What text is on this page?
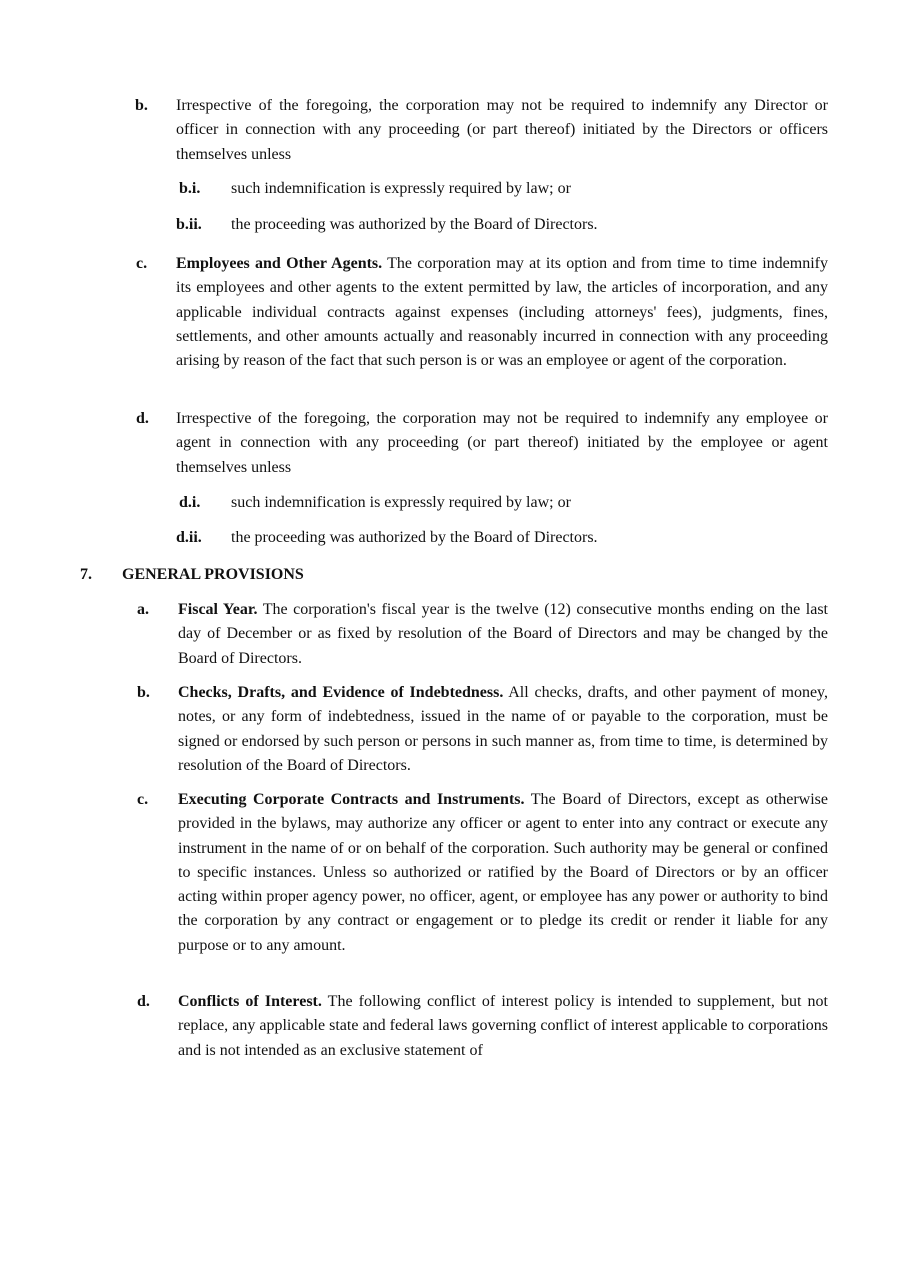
b. Irrespective of the foregoing, the corporation may not be required to indemnify any Director or officer in connection with any proceeding (or part thereof) initiated by the Directors or officers themselves unless
b.i. such indemnification is expressly required by law; or
b.ii. the proceeding was authorized by the Board of Directors.
c. Employees and Other Agents. The corporation may at its option and from time to time indemnify its employees and other agents to the extent permitted by law, the articles of incorporation, and any applicable individual contracts against expenses (including attorneys' fees), judgments, fines, settlements, and other amounts actually and reasonably incurred in connection with any proceeding arising by reason of the fact that such person is or was an employee or agent of the corporation.
d. Irrespective of the foregoing, the corporation may not be required to indemnify any employee or agent in connection with any proceeding (or part thereof) initiated by the employee or agent themselves unless
d.i. such indemnification is expressly required by law; or
d.ii. the proceeding was authorized by the Board of Directors.
7. GENERAL PROVISIONS
a. Fiscal Year. The corporation's fiscal year is the twelve (12) consecutive months ending on the last day of December or as fixed by resolution of the Board of Directors and may be changed by the Board of Directors.
b. Checks, Drafts, and Evidence of Indebtedness. All checks, drafts, and other payment of money, notes, or any form of indebtedness, issued in the name of or payable to the corporation, must be signed or endorsed by such person or persons in such manner as, from time to time, is determined by resolution of the Board of Directors.
c. Executing Corporate Contracts and Instruments. The Board of Directors, except as otherwise provided in the bylaws, may authorize any officer or agent to enter into any contract or execute any instrument in the name of or on behalf of the corporation. Such authority may be general or confined to specific instances. Unless so authorized or ratified by the Board of Directors or by an officer acting within proper agency power, no officer, agent, or employee has any power or authority to bind the corporation by any contract or engagement or to pledge its credit or render it liable for any purpose or to any amount.
d. Conflicts of Interest. The following conflict of interest policy is intended to supplement, but not replace, any applicable state and federal laws governing conflict of interest applicable to corporations and is not intended as an exclusive statement of
